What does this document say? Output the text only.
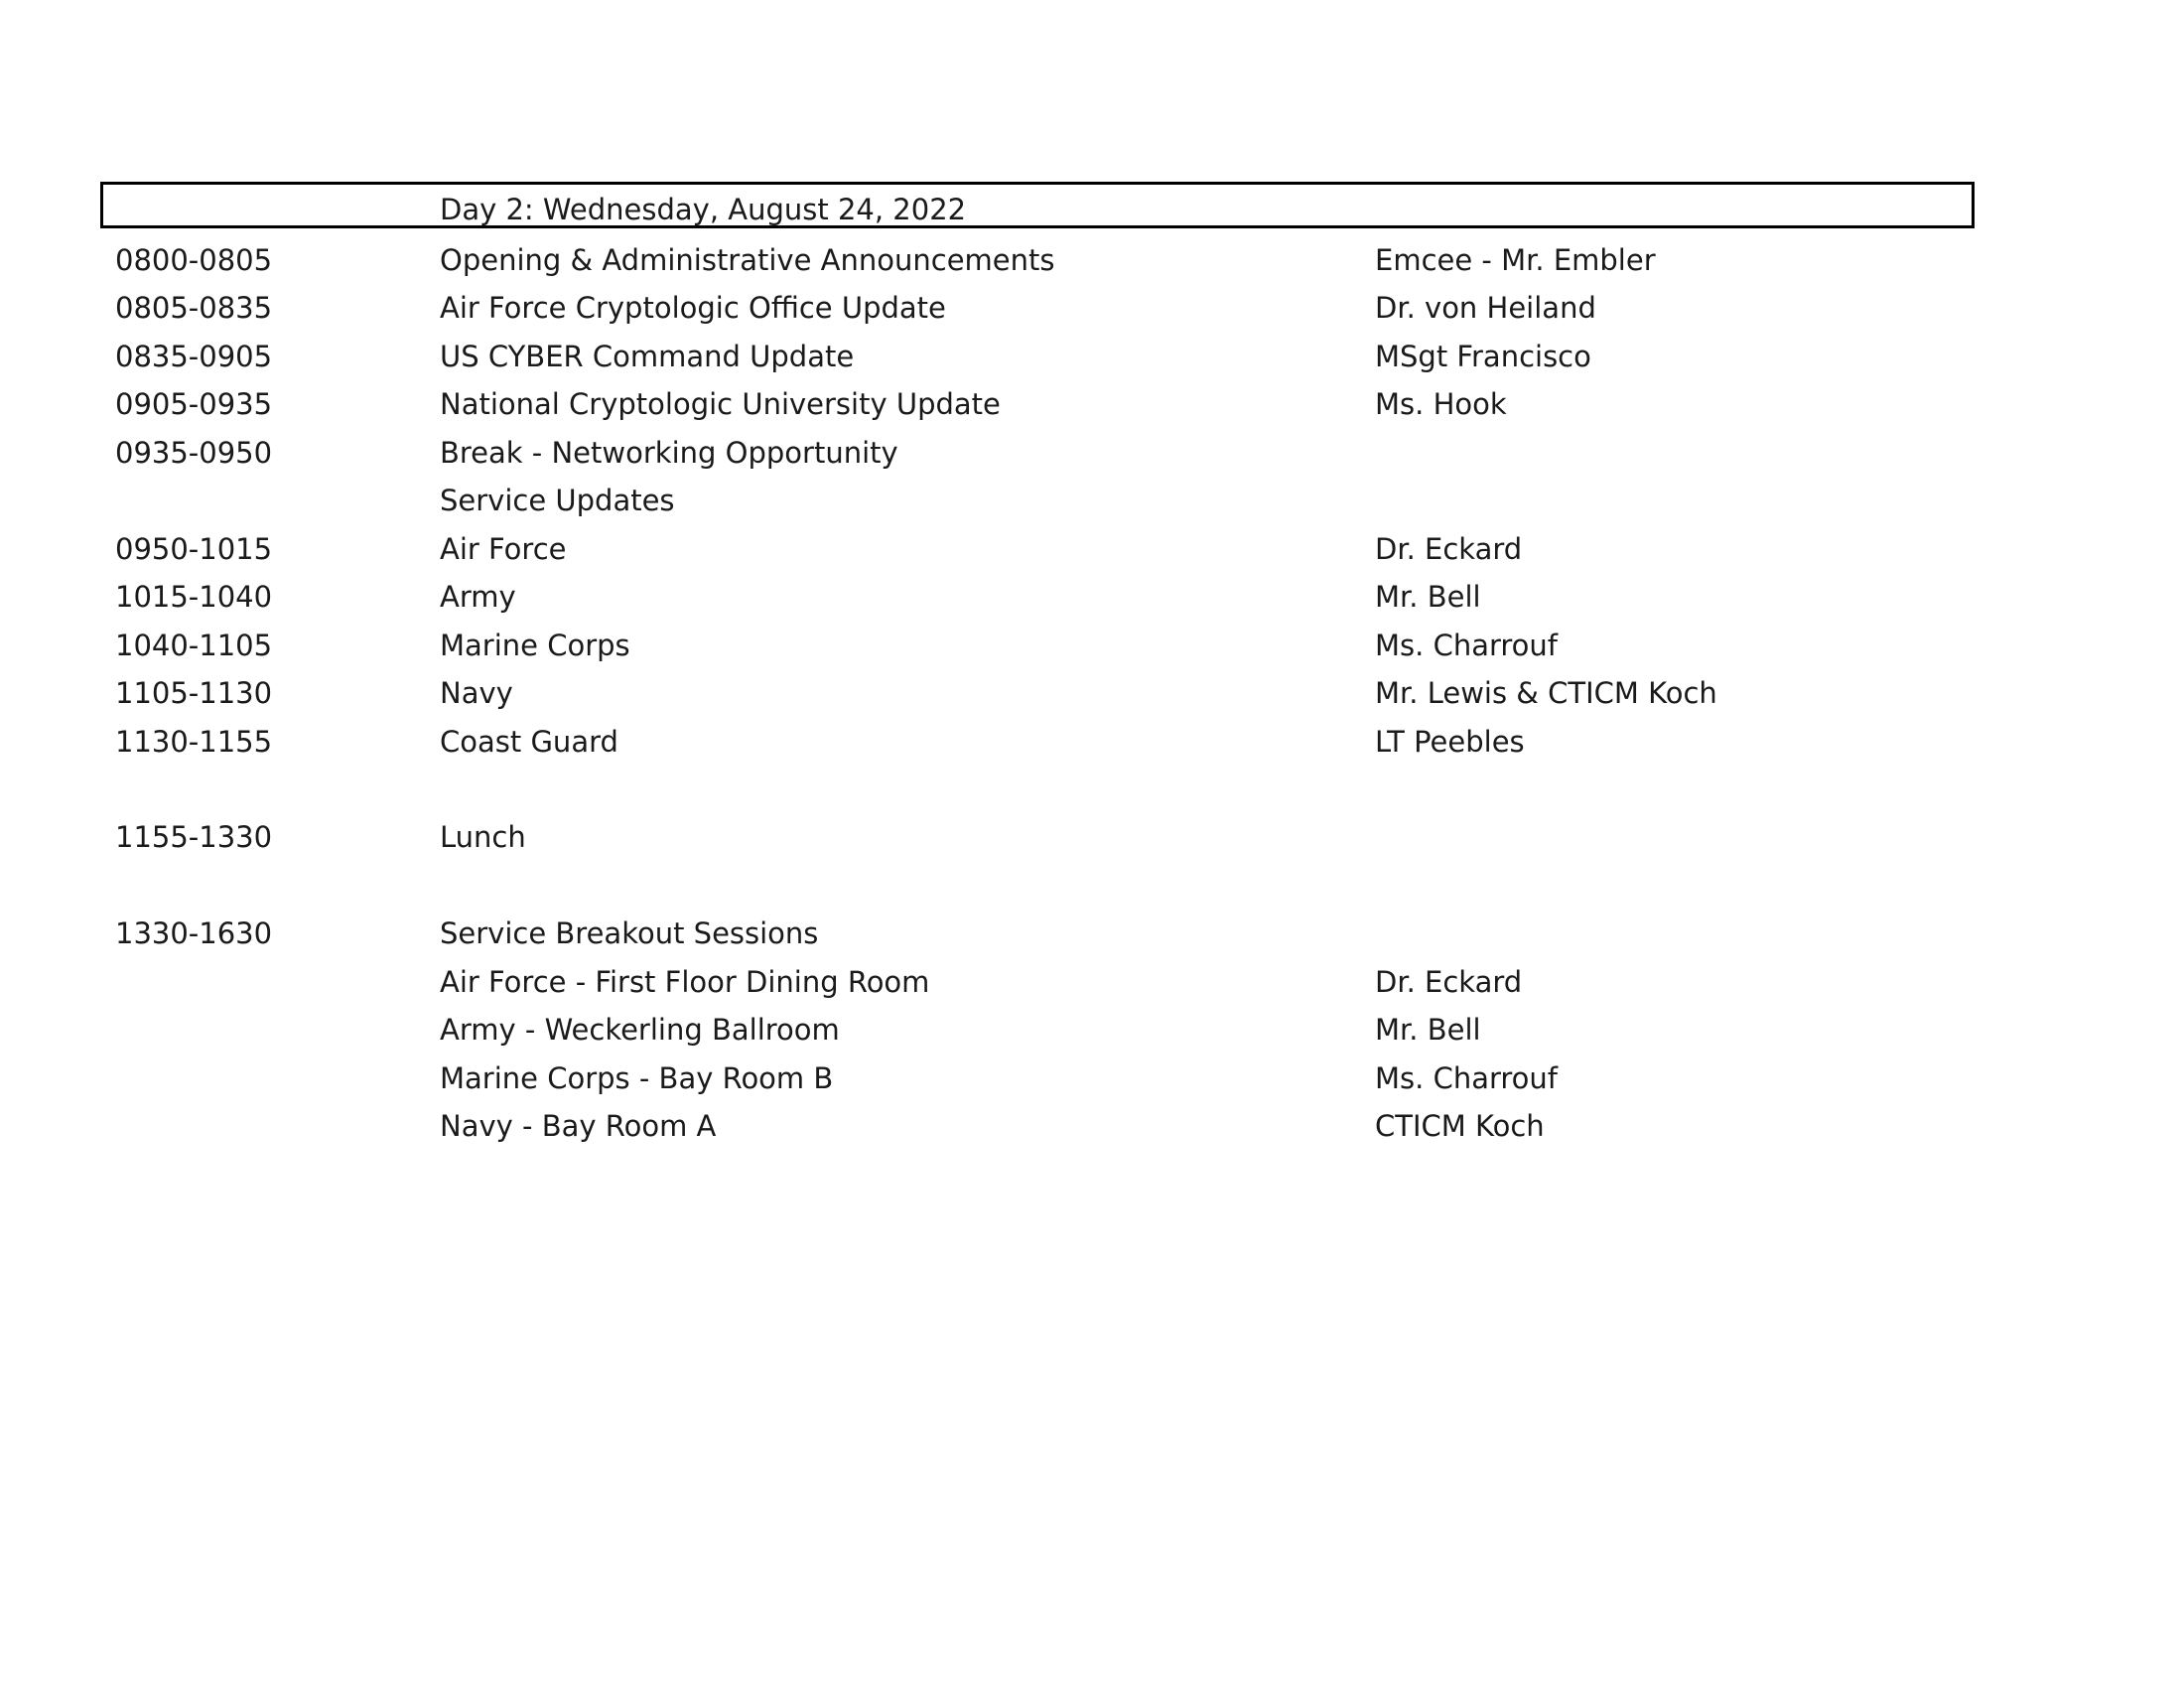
Day 2: Wednesday, August 24, 2022
0800-0805	Opening & Administrative Announcements	Emcee - Mr. Embler
0805-0835	Air Force Cryptologic Office Update	Dr. von Heiland
0835-0905	US CYBER Command Update	MSgt Francisco
0905-0935	National Cryptologic University Update	Ms. Hook
0935-0950	Break - Networking Opportunity
Service Updates
0950-1015	Air Force	Dr. Eckard
1015-1040	Army	Mr. Bell
1040-1105	Marine Corps	Ms. Charrouf
1105-1130	Navy	Mr. Lewis & CTICM Koch
1130-1155	Coast Guard	LT Peebles
1155-1330	Lunch
1330-1630	Service Breakout Sessions
Air Force - First Floor Dining Room	Dr. Eckard
Army - Weckerling Ballroom	Mr. Bell
Marine Corps - Bay Room B	Ms. Charrouf
Navy - Bay Room A	CTICM Koch
